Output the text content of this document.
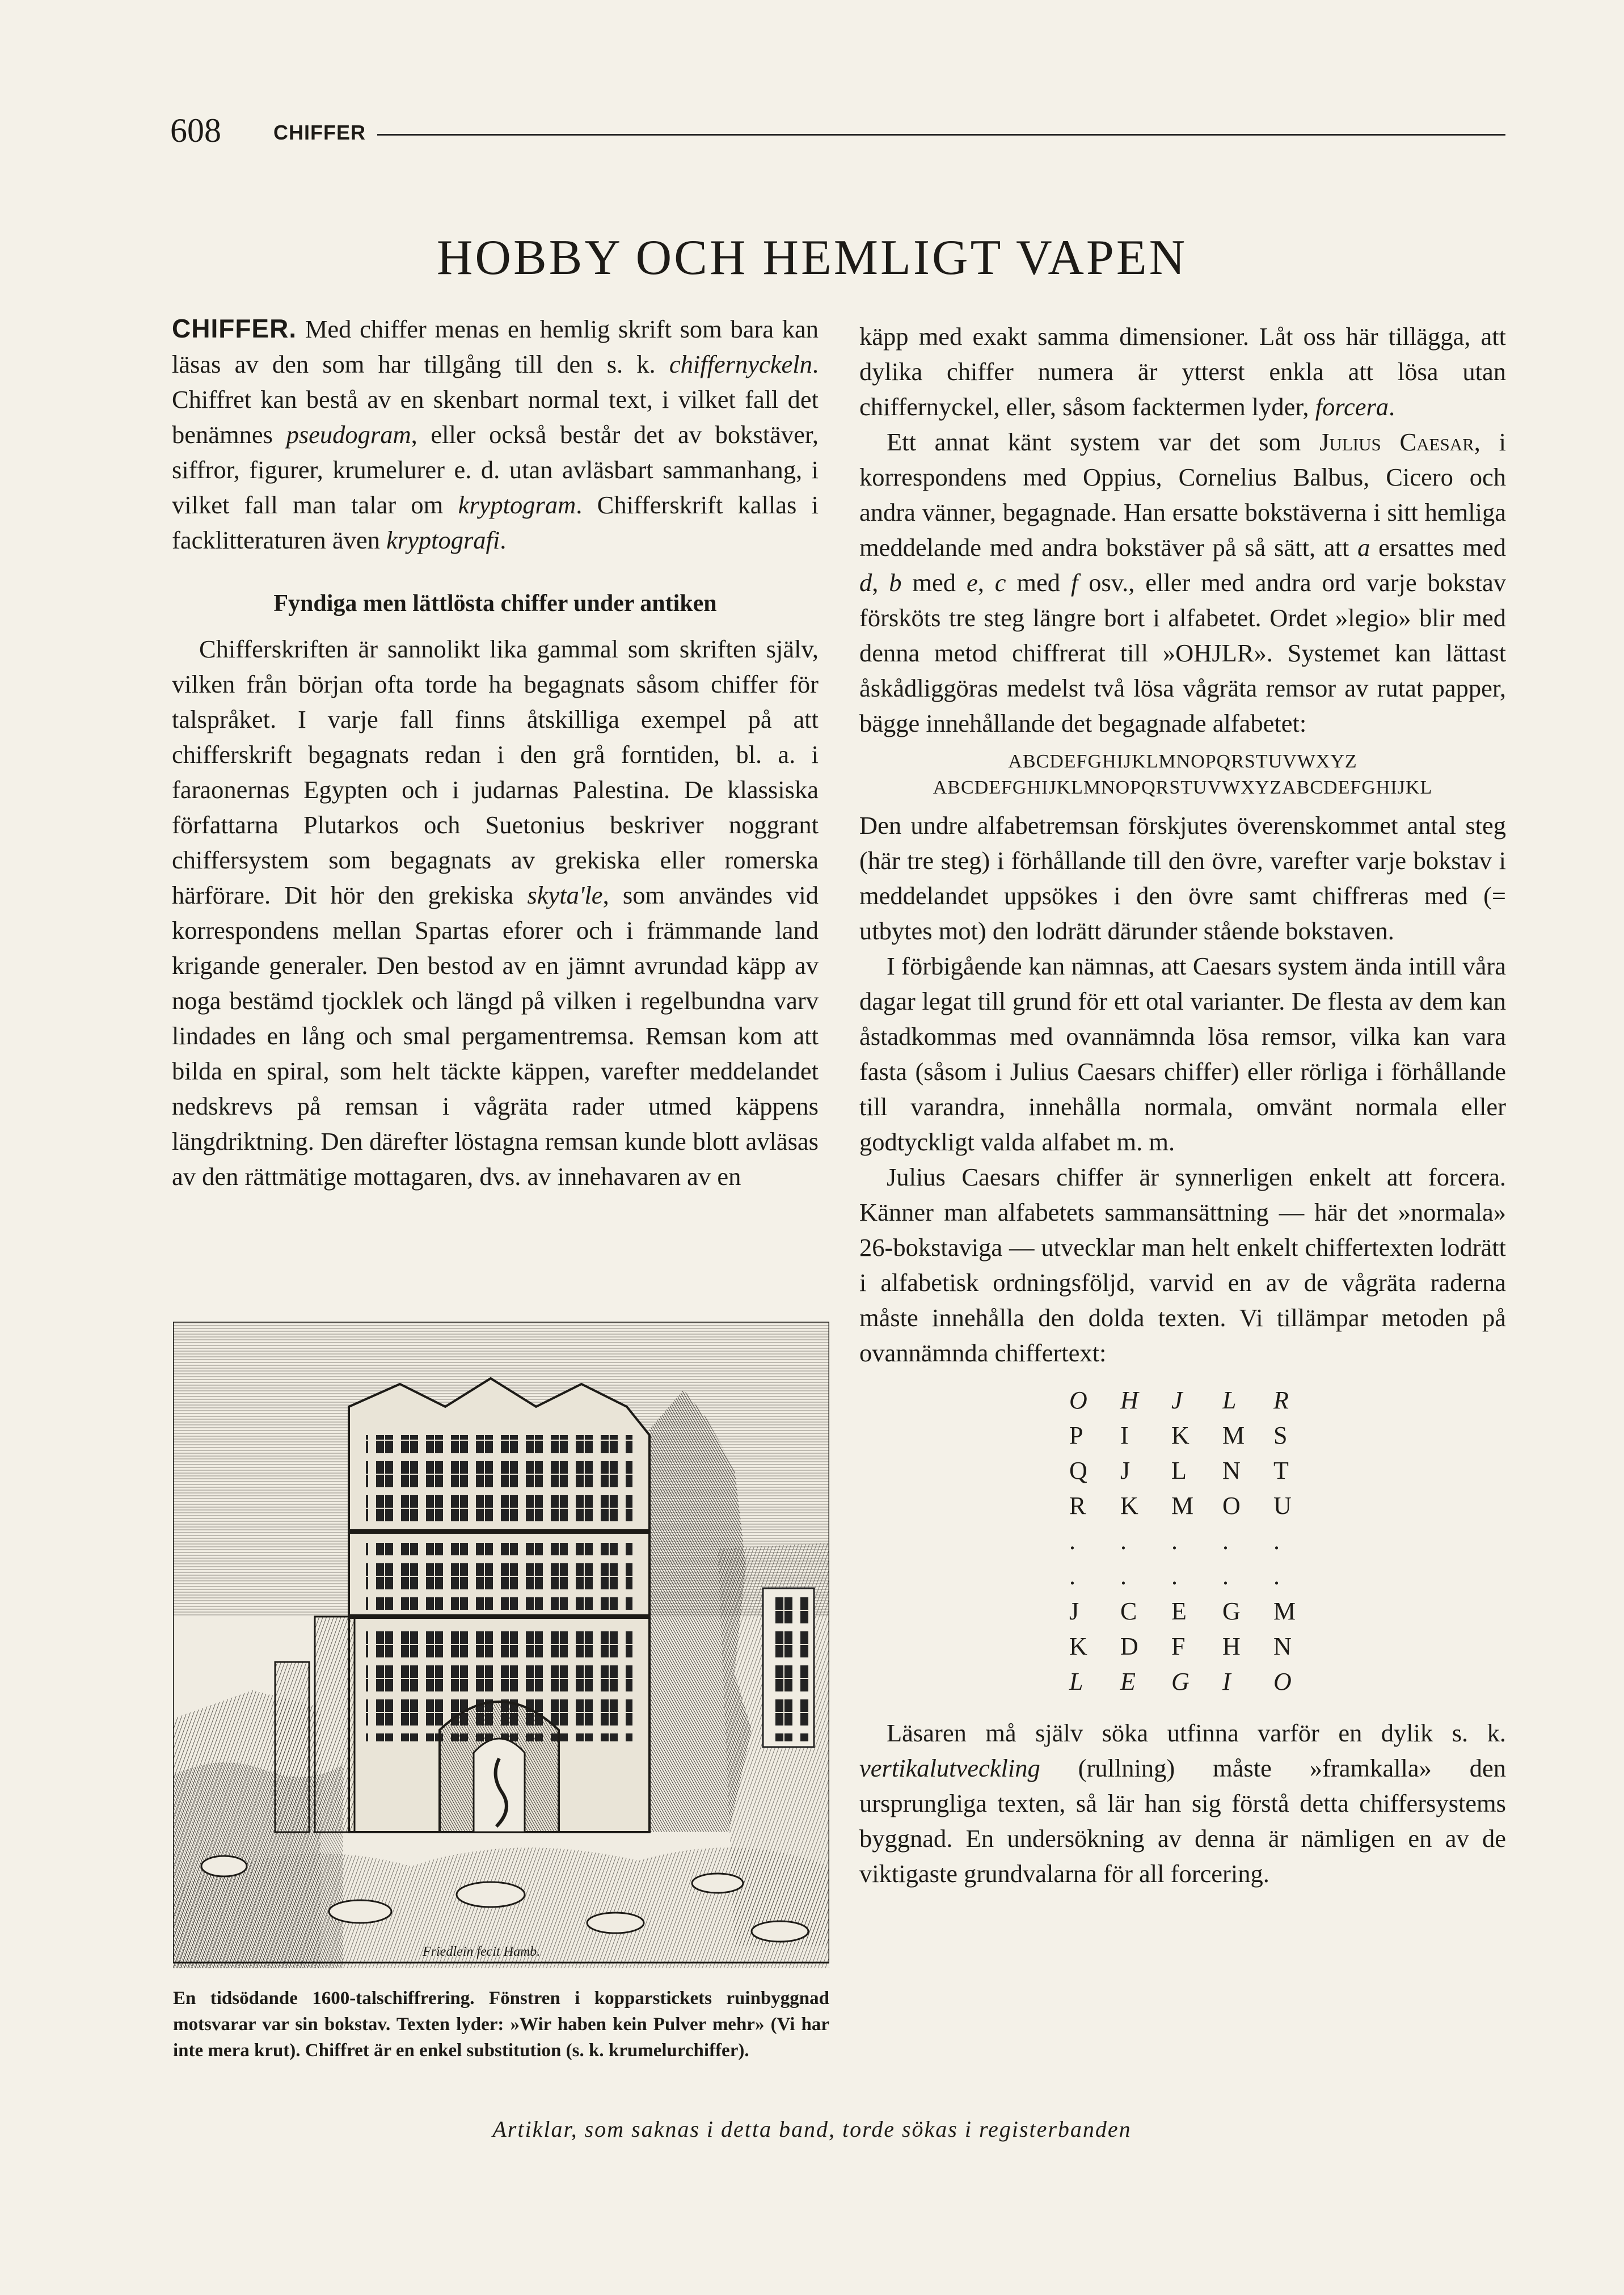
608	CHIFFER
HOBBY OCH HEMLIGT VAPEN

CHIFFER. Med chiffer menas en hemlig skrift som bara kan läsas av den som har tillgång till den s. k. chiffernyckeln. Chiffret kan bestå av en skenbart normal text, i vilket fall det benämnes pseudogram, eller också består det av bokstäver, siffror, figurer, krumelurer e. d. utan avläsbart sammanhang, i vilket fall man talar om kryptogram. Chifferskrift kallas i facklitteraturen även kryptografi.

Fyndiga men lättlösta chiffer under antiken

Chifferskriften är sannolikt lika gammal som skriften själv, vilken från början ofta torde ha begagnats såsom chiffer för talspråket. I varje fall finns åtskilliga exempel på att chifferskrift begagnats redan i den grå forntiden, bl. a. i faraonernas Egypten och i judarnas Palestina. De klassiska författarna Plutarkos och Suetonius beskriver noggrant chiffersystem som begagnats av grekiska eller romerska härförare. Dit hör den grekiska skyta'le, som användes vid korrespondens mellan Spartas eforer och i främmande land krigande generaler. Den bestod av en jämnt avrundad käpp av noga bestämd tjocklek och längd på vilken i regelbundna varv lindades en lång och smal pergamentremsa. Remsan kom att bilda en spiral, som helt täckte käppen, varefter meddelandet nedskrevs på remsan i vågräta rader utmed käppens längdriktning. Den därefter löstagna remsan kunde blott avläsas av den rättmätige mottagaren, dvs. av innehavaren av en

Friedlein fecit Hamb.
En tidsödande 1600-talschiffrering. Fönstren i kopparstickets ruinbyggnad motsvarar var sin bokstav. Texten lyder: »Wir haben kein Pulver mehr» (Vi har inte mera krut). Chiffret är en enkel substitution (s. k. krumelurchiffer).

käpp med exakt samma dimensioner. Låt oss här tillägga, att dylika chiffer numera är ytterst enkla att lösa utan chiffernyckel, eller, såsom facktermen lyder, forcera.

Ett annat känt system var det som Julius Caesar, i korrespondens med Oppius, Cornelius Balbus, Cicero och andra vänner, begagnade. Han ersatte bokstäverna i sitt hemliga meddelande med andra bokstäver på så sätt, att a ersattes med d, b med e, c med f osv., eller med andra ord varje bokstav försköts tre steg längre bort i alfabetet. Ordet »legio» blir med denna metod chiffrerat till »OHJLR». Systemet kan lättast åskådliggöras medelst två lösa vågräta remsor av rutat papper, bägge innehållande det begagnade alfabetet:

ABCDEFGHIJKLMNOPQRSTUVWXYZ
ABCDEFGHIJKLMNOPQRSTUVWXYZABCDEFGHIJKL

Den undre alfabetremsan förskjutes överenskommet antal steg (här tre steg) i förhållande till den övre, varefter varje bokstav i meddelandet uppsökes i den övre samt chiffreras med (= utbytes mot) den lodrätt därunder stående bokstaven.

I förbigående kan nämnas, att Caesars system ända intill våra dagar legat till grund för ett otal varianter. De flesta av dem kan åstadkommas med ovannämnda lösa remsor, vilka kan vara fasta (såsom i Julius Caesars chiffer) eller rörliga i förhållande till varandra, innehålla normala, omvänt normala eller godtyckligt valda alfabet m. m.

Julius Caesars chiffer är synnerligen enkelt att forcera. Känner man alfabetets sammansättning — här det »normala» 26-bokstaviga — utvecklar man helt enkelt chiffertexten lodrätt i alfabetisk ordningsföljd, varvid en av de vågräta raderna måste innehålla den dolda texten. Vi tillämpar metoden på ovannämnda chiffertext:

O	H	J	L	R
P	I	K	M	S
Q	J	L	N	T
R	K	M	O	U
.	.	.	.	.
.	.	.	.	.
J	C	E	G	M
K	D	F	H	N
L	E	G	I	O

Läsaren må själv söka utfinna varför en dylik s. k. vertikalutveckling (rullning) måste »framkalla» den ursprungliga texten, så lär han sig förstå detta chiffersystems byggnad. En undersökning av denna är nämligen en av de viktigaste grundvalarna för all forcering.

Artiklar, som saknas i detta band, torde sökas i registerbanden
